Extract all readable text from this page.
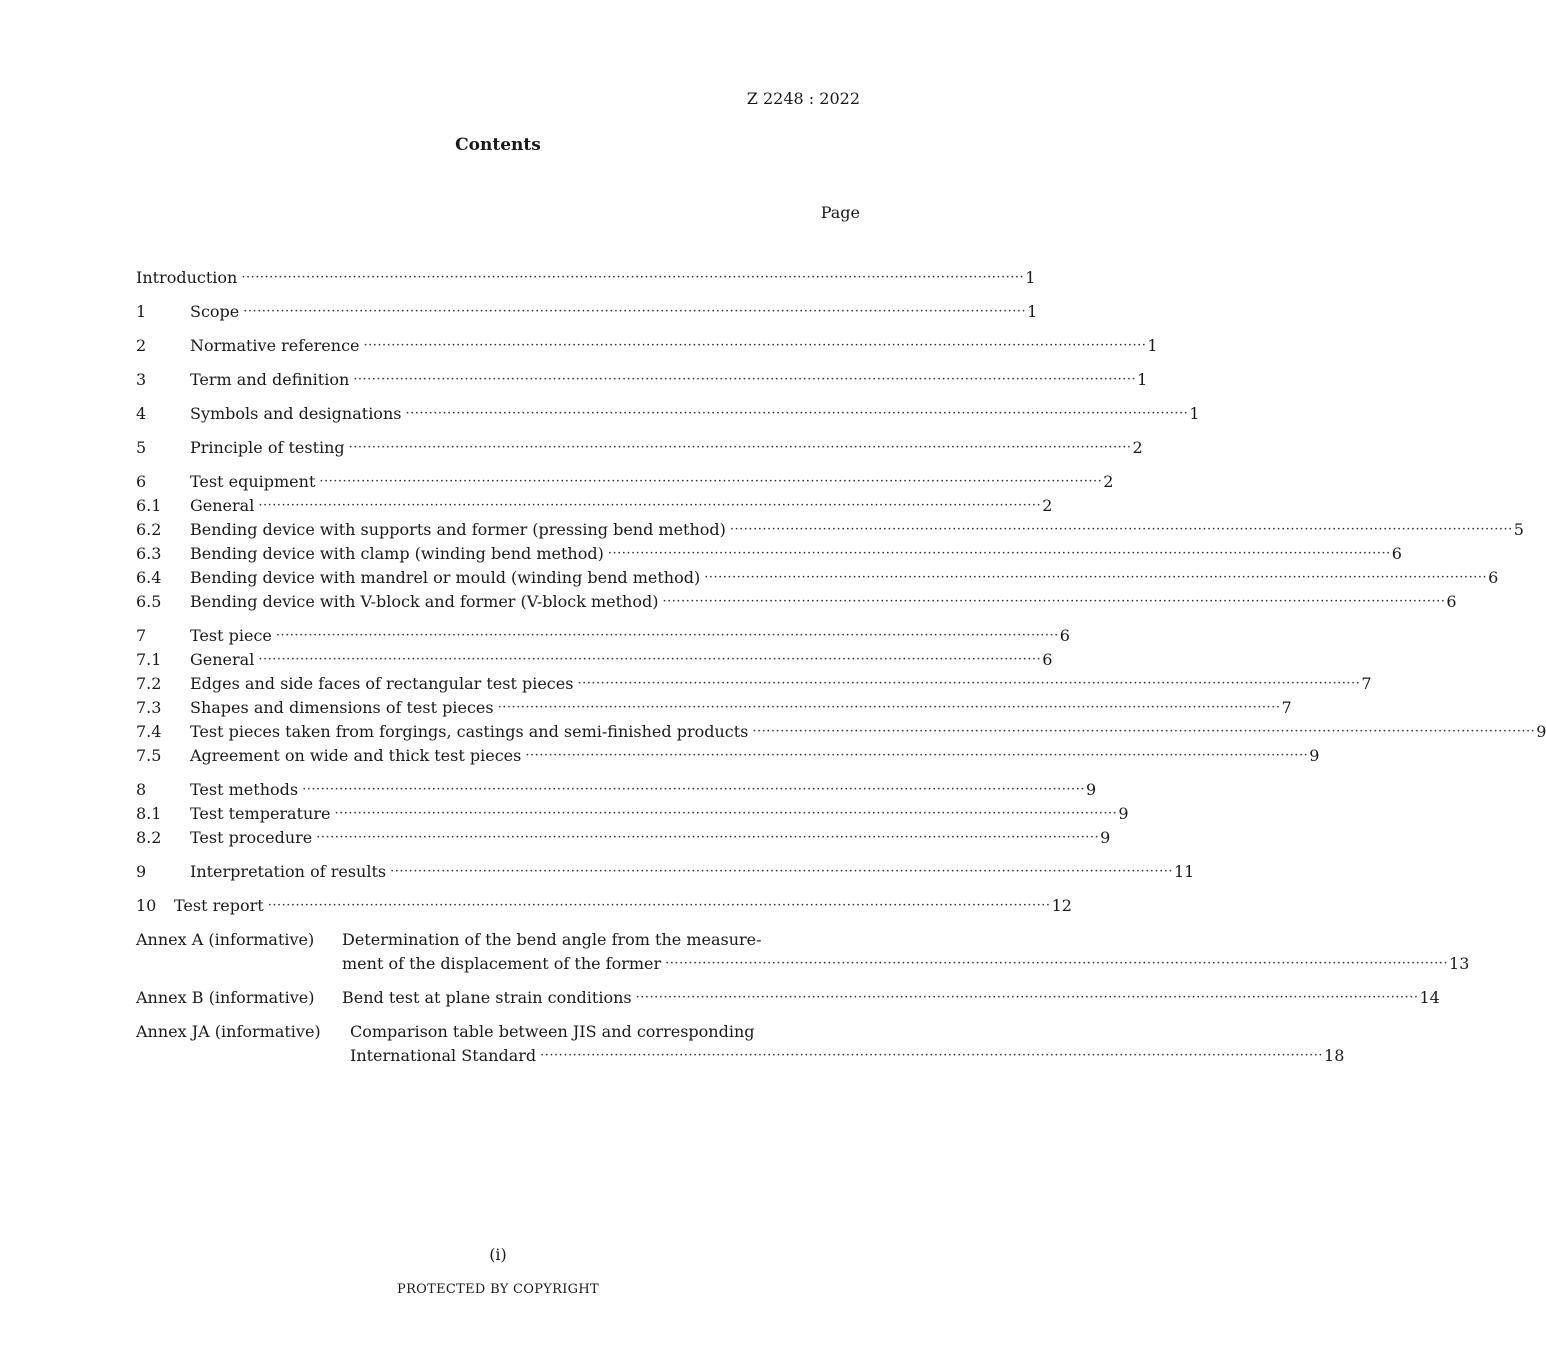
Z 2248 : 2022
Contents
Page
Introduction ········································································································································································· 1
1	Scope ········································································································································································· 1
2	Normative reference ········································································································································································· 1
3	Term and definition ········································································································································································· 1
4	Symbols and designations ········································································································································································· 1
5	Principle of testing ········································································································································································· 2
6	Test equipment ········································································································································································· 2
6.1 General ········································································································································································· 2
6.2 Bending device with supports and former (pressing bend method) ········································································································································································· 5
6.3 Bending device with clamp (winding bend method) ········································································································································································· 6
6.4 Bending device with mandrel or mould (winding bend method) ········································································································································································· 6
6.5 Bending device with V-block and former (V-block method) ········································································································································································· 6
7	Test piece ········································································································································································· 6
7.1 General ········································································································································································· 6
7.2 Edges and side faces of rectangular test pieces ········································································································································································· 7
7.3 Shapes and dimensions of test pieces ········································································································································································· 7
7.4 Test pieces taken from forgings, castings and semi-finished products ········································································································································································· 9
7.5 Agreement on wide and thick test pieces ········································································································································································· 9
8	Test methods ········································································································································································· 9
8.1 Test temperature ········································································································································································· 9
8.2 Test procedure ········································································································································································· 9
9	Interpretation of results ········································································································································································· 11
10 Test report ········································································································································································· 12
Annex A (informative) Determination of the bend angle from the measure-
ment of the displacement of the former ········································································································································································· 13
Annex B (informative) Bend test at plane strain conditions ········································································································································································· 14
Annex JA (informative) Comparison table between JIS and corresponding
International Standard ········································································································································································· 18
(i)
PROTECTED BY COPYRIGHT
